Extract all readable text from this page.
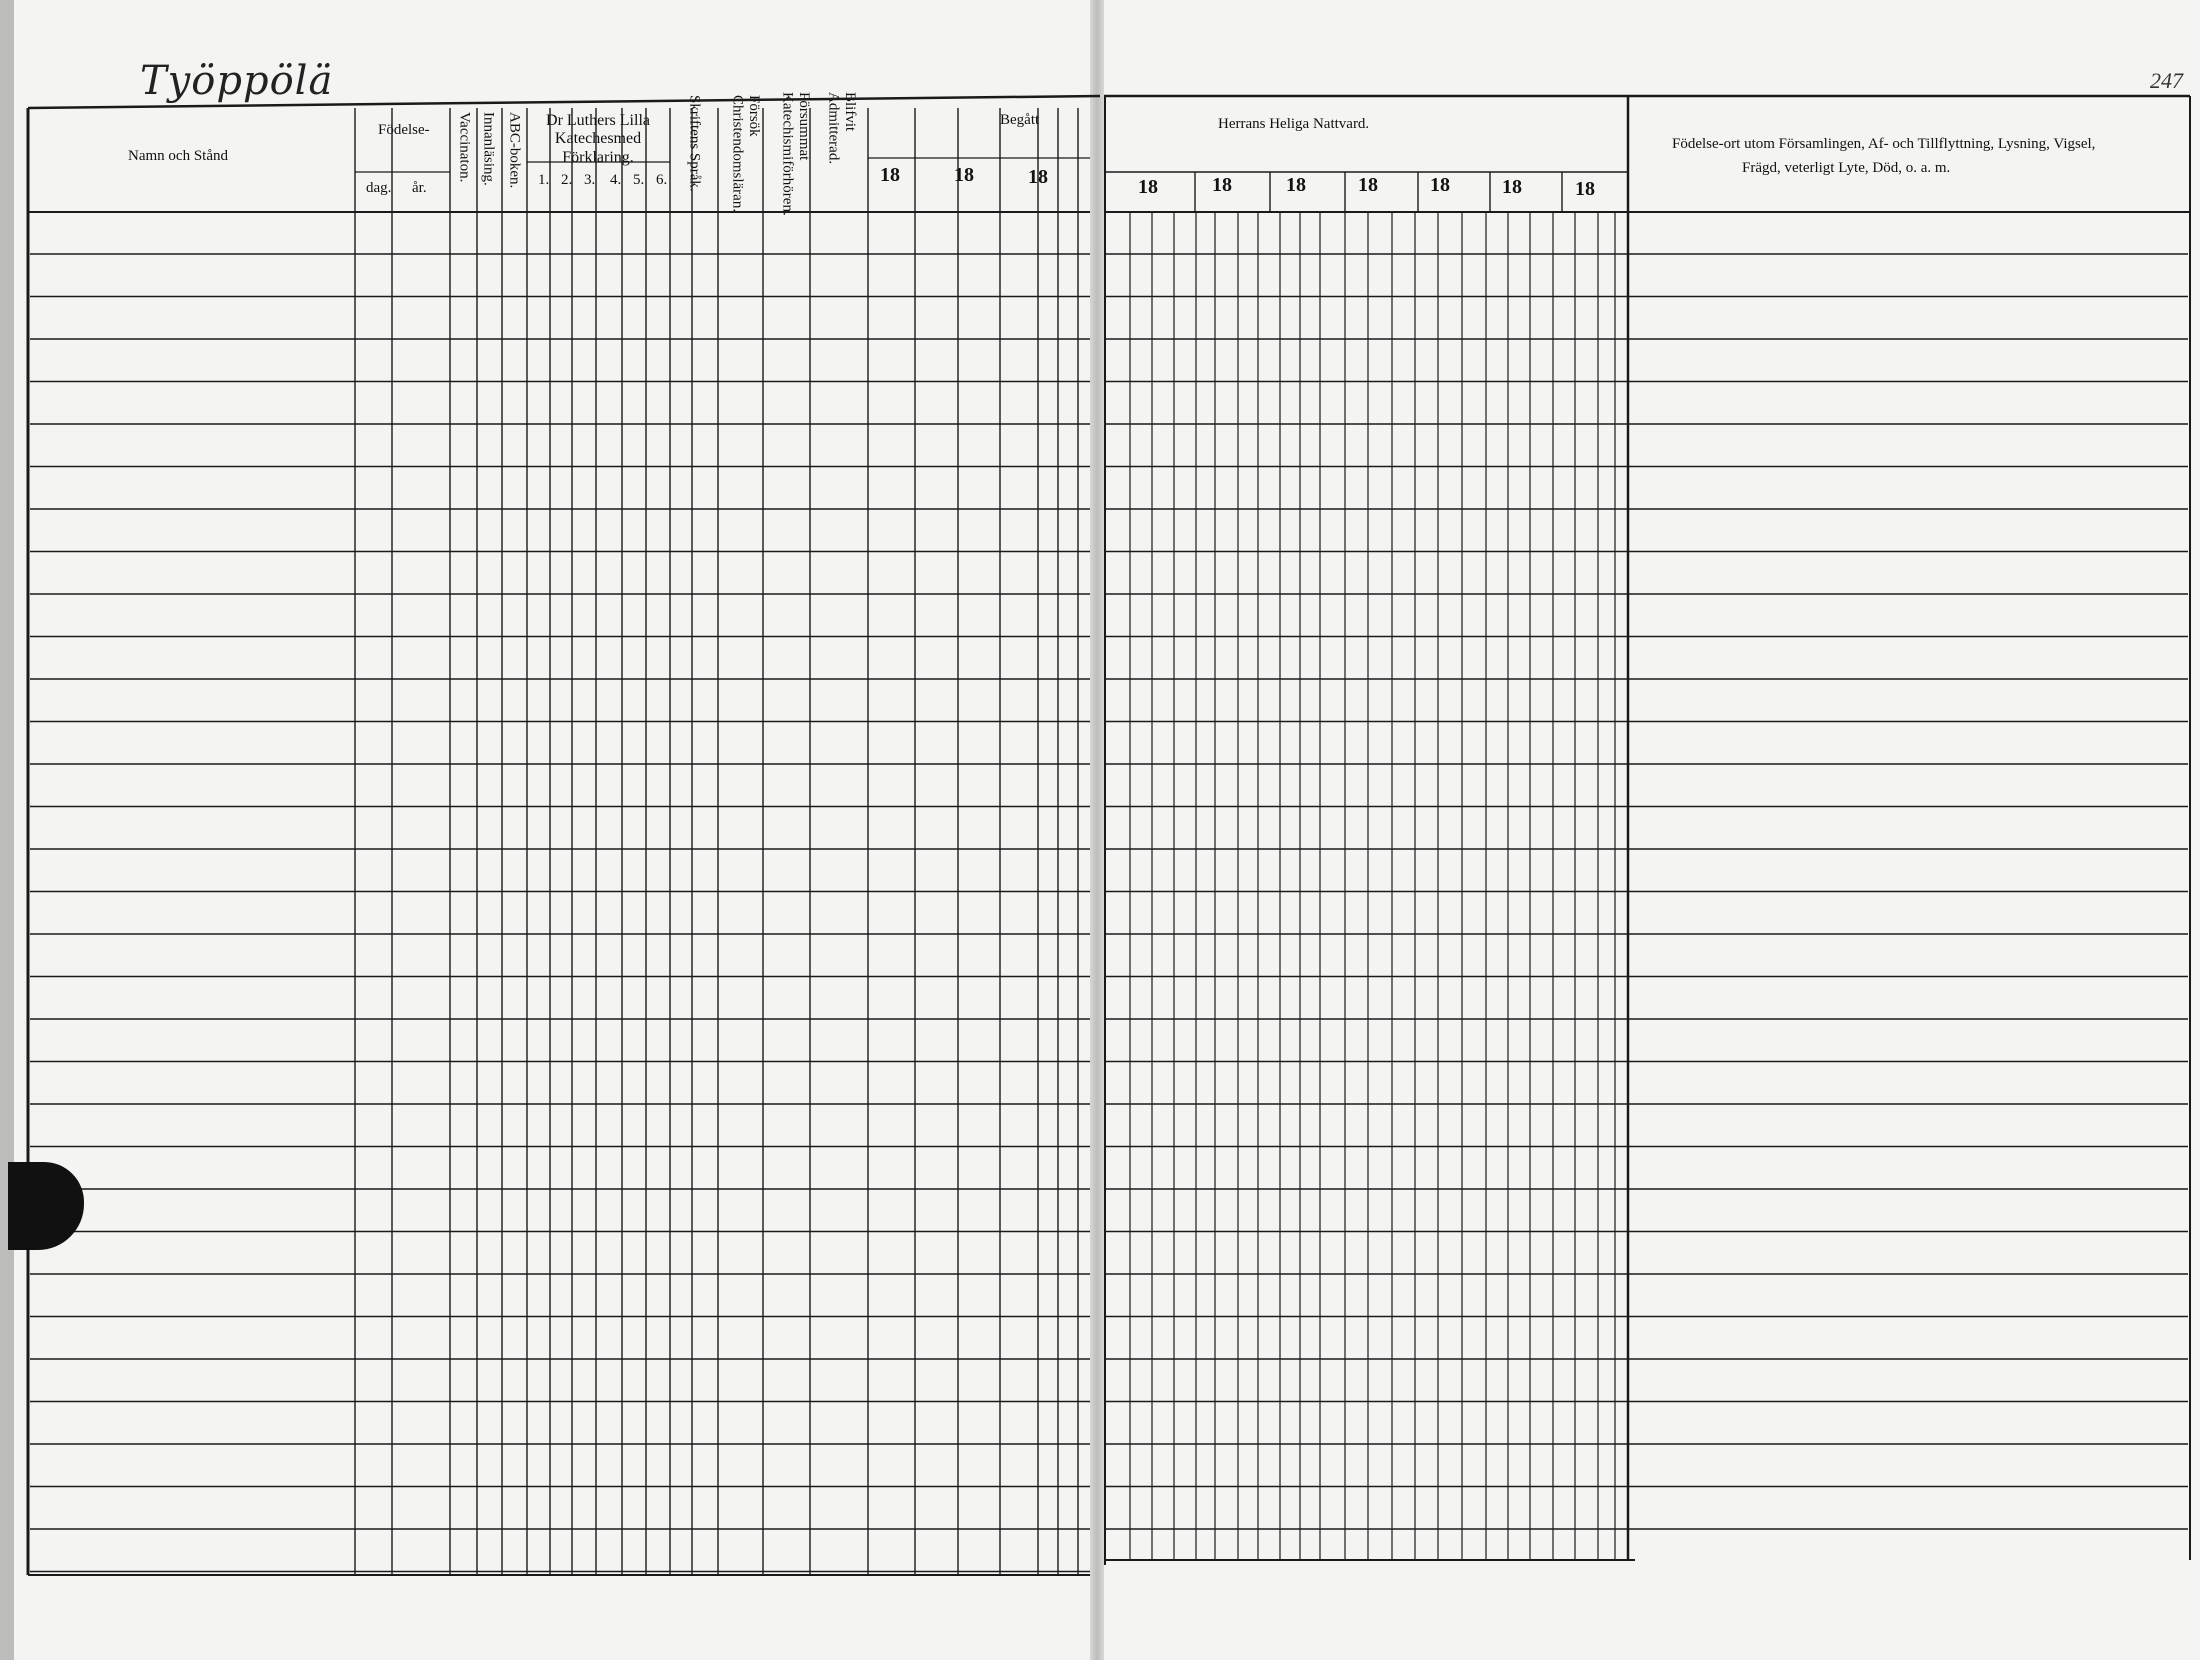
Työppölä	247
Namn och Stånd
Födelse-
dag. år.
Vaccinaton. Innanläsing. ABC-boken.	Dr Luthers Lilla Katechesmed Förklaring.
1. 2. 3. 4. 5. 6. Skriftens Språk.	Försök Christendomsläran.	Försummat Katechismiförhören.	Blifvit Admitterad.	Begått
18	18	18
Herrans Heliga Nattvard.
18	18	18	18	18	18	18
Födelse-ort utom Församlingen, Af- och Tillflyttning, Lysning, Vigsel,
Frägd, veterligt Lyte, Död, o. a. m.
